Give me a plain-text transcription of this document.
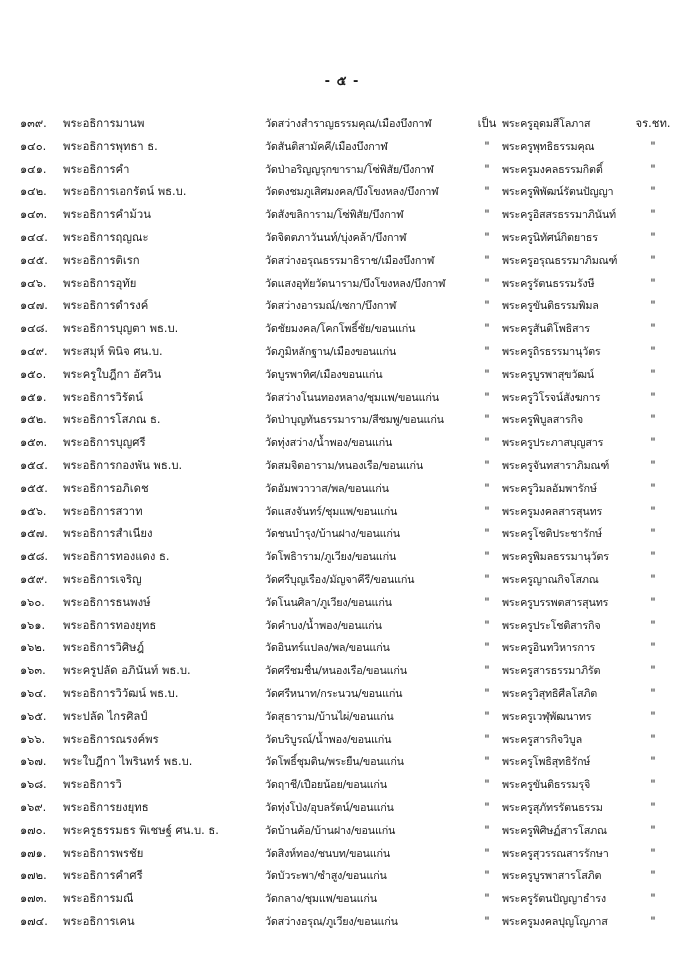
- ๕ -
๑๓๙.	พระอธิการมานพ	วัดสว่างสำราญธรรมคุณ/เมืองบึงกาฬ	เป็น พระครูอุดมสีโลภาส	จร.ชท.
๑๔๐.	พระอธิการพุทธา ธ.	วัดสันติสามัคคี/เมืองบึงกาฬ	"	พระครูพุทธิธรรมคุณ	"
๑๔๑.	พระอธิการคำ	วัดป่าอริญญรุกขาราม/โซ่พิสัย/บึงกาฬ	"	พระครูมงคลธรรมกิตติ์	"
๑๔๒.	พระอธิการเอกรัตน์ พธ.บ.	วัดดงชมภูเสิศมงคล/บึงโขงหลง/บึงกาฬ	"	พระครูพิพัฒน์รัตนปัญญา	"
๑๔๓.	พระอธิการคำม้วน	วัดสังขลิการาม/โซ่พิสัย/บึงกาฬ	"	พระครูอิสสรธรรมาภินันท์	"
๑๔๔.	พระอธิการฤญณะ	วัดจิตตภาวันนท์/บุ่งคล้า/บึงกาฬ	"	พระครูนิทัศน์กิตยาธร	"
๑๔๕.	พระอธิการติเรก	วัดสว่างอรุณธรรมาธิราช/เมืองบึงกาฬ	"	พระครูอรุณธรรมาภิมณฑ์	"
๑๔๖.	พระอธิการอุทัย	วัดแสงอุทัยวัดนาราม/บึงโขงหลง/บึงกาฬ	"	พระครูรัตนธรรมรังษี	"
๑๔๗.	พระอธิการดำรงค์	วัดสว่างอารมณ์/เซกา/บึงกาฬ	"	พระครูขันติธรรมพิมล	"
๑๔๘.	พระอธิการบุญตา พธ.บ.	วัดชัยมงคล/โคกโพธิ์ชัย/ขอนแก่น	"	พระครูสันติโพธิสาร	"
๑๔๙.	พระสมุห์ พินิจ ศน.บ.	วัดภูมิหลักฐาน/เมืองขอนแก่น	"	พระครูถิรธรรมานุวัตร	"
๑๕๐.	พระครูใบฎีกา อัศวิน	วัดบูรพาทิศ/เมืองขอนแก่น	"	พระครูบูรพาสุขวัฒน์	"
๑๕๑.	พระอธิการวิรัตน์	วัดสว่างโนนทองหลาง/ชุมแพ/ขอนแก่น	"	พระครูวิโรจน์สังฆการ	"
๑๕๒.	พระอธิการโสภณ ธ.	วัดป่าบุญทันธรรมาราม/สีชมพู/ขอนแก่น	"	พระครูพิบูลสารกิจ	"
๑๕๓.	พระอธิการบุญศรี	วัดทุ่งสว่าง/น้ำพอง/ขอนแก่น	"	พระครูประภาสบุญสาร	"
๑๕๔.	พระอธิการกองพัน พธ.บ.	วัดสมจิตอาราม/หนองเรือ/ขอนแก่น	"	พระครูจันทสาราภิมณฑ์	"
๑๕๕.	พระอธิการอภิเดช	วัดอัมพวาวาส/พล/ขอนแก่น	"	พระครูวิมลอัมพารักษ์	"
๑๕๖.	พระอธิการสวาท	วัดแสงจันทร์/ชุมแพ/ขอนแก่น	"	พระครูมงคลสารสุนทร	"
๑๕๗.	พระอธิการสำเนียง	วัดชนบำรุง/บ้านฝาง/ขอนแก่น	"	พระครูโชติประชารักษ์	"
๑๕๘.	พระอธิการทองแดง ธ.	วัดโพธิาราม/ภูเวียง/ขอนแก่น	"	พระครูพิมลธรรมานุวัตร	"
๑๕๙.	พระอธิการเจริญ	วัดศรีบุญเรือง/มัญจาคีรี/ขอนแก่น	"	พระครูญาณกิจโสภณ	"
๑๖๐.	พระอธิการธนพงษ์	วัดโนนศิลา/ภูเวียง/ขอนแก่น	"	พระครูบรรพตสารสุนทร	"
๑๖๑.	พระอธิการทองยุทธ	วัดคำบง/น้ำพอง/ขอนแก่น	"	พระครูประโชติสารกิจ	"
๑๖๒.	พระอธิการวิศิษฎ์	วัดอินทร์แปลง/พล/ขอนแก่น	"	พระครูอินทวิหารการ	"
๑๖๓.	พระครูปลัด อภินันท์ พธ.บ.	วัดศรีชมชื่น/หนองเรือ/ขอนแก่น	"	พระครูสารธรรมาภิรัต	"
๑๖๔.	พระอธิการวิวัฒน์ พธ.บ.	วัดศรีหนาท/กระนวน/ขอนแก่น	"	พระครูวิสุทธิศีลโสภิต	"
๑๖๕.	พระปลัด ไกรศิลป์	วัดสุธาราม/บ้านไผ่/ขอนแก่น	"	พระครูเวฬุพัฒนาทร	"
๑๖๖.	พระอธิการณรงค์พร	วัดบริบูรณ์/น้ำพอง/ขอนแก่น	"	พระครูสารกิจวิบูล	"
๑๖๗.	พระใบฎีกา ไพรินทร์ พธ.บ.	วัดโพธิ์ชุมติน/พระยืน/ขอนแก่น	"	พระครูโพธิสุทธิรักษ์	"
๑๖๘.	พระอธิการวิ	วัดฤาชี/เปือยน้อย/ขอนแก่น	"	พระครูขันติธรรมรุจิ	"
๑๖๙.	พระอธิการยงยุทธ	วัดทุ่งโป่ง/อุบลรัตน์/ขอนแก่น	"	พระครูสุภัทรรัตนธรรม	"
๑๗๐.	พระครูธรรมธร พิเชษฐ์ ศน.บ. ธ.	วัดบ้านค้อ/บ้านฝาง/ขอนแก่น	"	พระครูพิศิษฏ์สารโสภณ	"
๑๗๑.	พระอธิการพรชัย	วัดสิงห์ทอง/ชนบท/ขอนแก่น	"	พระครูสุวรรณสารรักษา	"
๑๗๒.	พระอธิการคำศรี	วัดบัวระพา/ซำสูง/ขอนแก่น	"	พระครูบูรพาสารโสภิต	"
๑๗๓.	พระอธิการมณี	วัดกลาง/ชุมแพ/ขอนแก่น	"	พระครูรัตนปัญญาธำรง	"
๑๗๔.	พระอธิการเคน	วัดสว่างอรุณ/ภูเวียง/ขอนแก่น	"	พระครูมงคลปุญโญภาส	"
